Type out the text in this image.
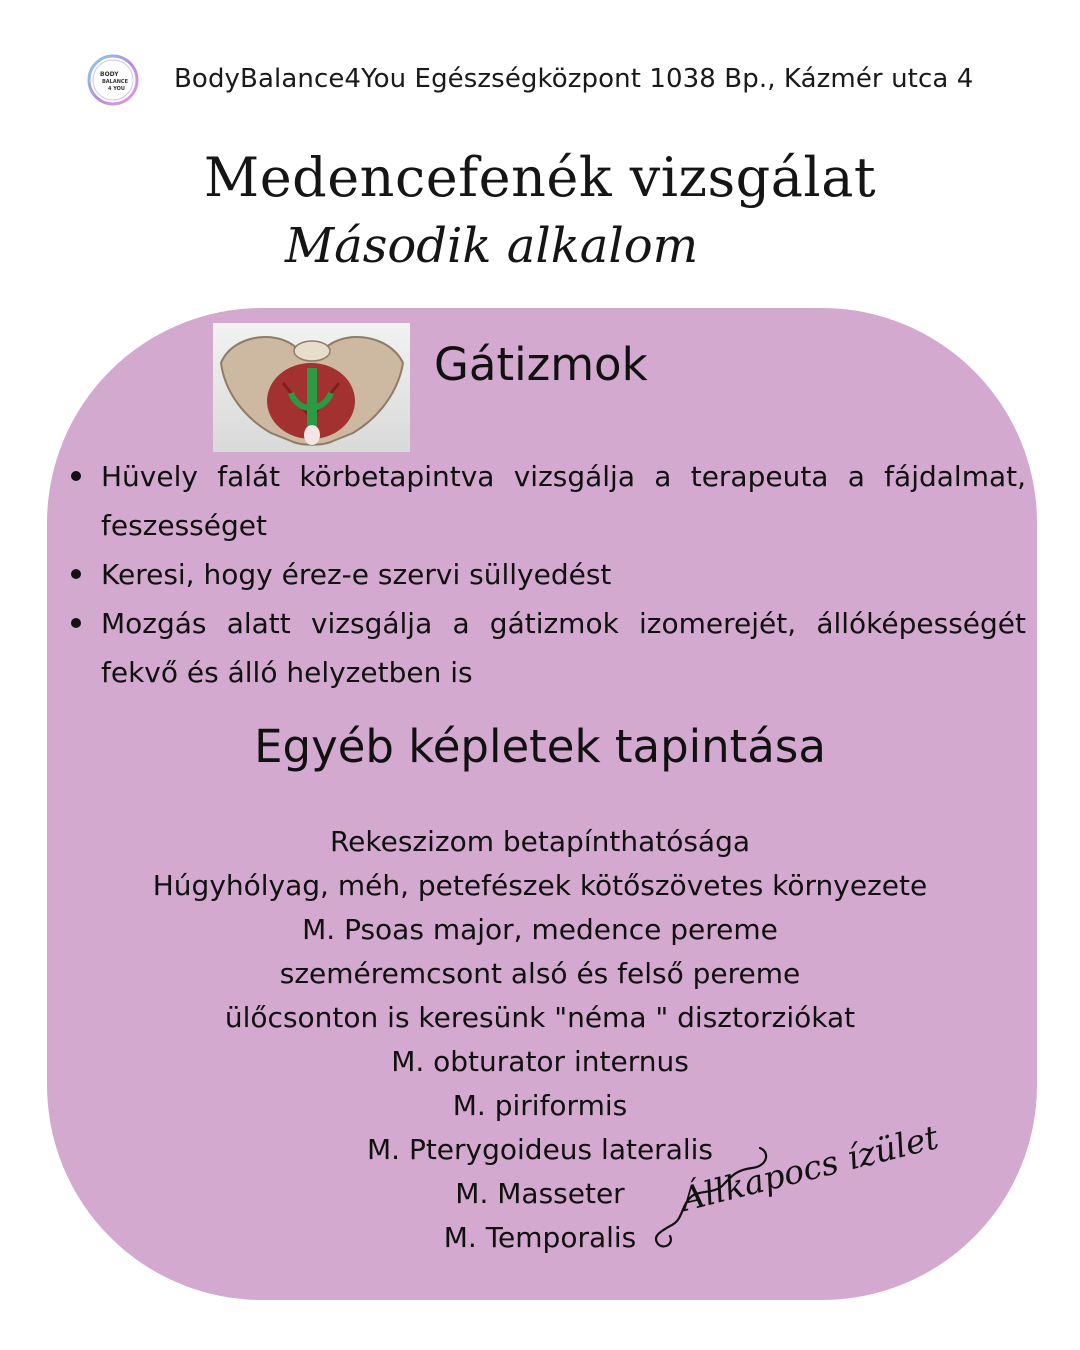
BODY
BALANCE
4 YOU BodyBalance4You Egészségközpont 1038 Bp., Kázmér utca 4
Medencefenék vizsgálat
Második alkalom
Gátizmok
Hüvely falát körbetapintva vizsgálja a terapeuta a fájdalmat, feszességet
Keresi, hogy érez-e szervi süllyedést
Mozgás alatt vizsgálja a gátizmok izomerejét, állóképességét fekvő és álló helyzetben is
Egyéb képletek tapintása
Rekeszizom betapínthatósága
Húgyhólyag, méh, petefészek kötőszövetes környezete
M. Psoas major, medence pereme
szeméremcsont alsó és felső pereme
ülőcsonton is keresünk "néma " disztorziókat
M. obturator internus
M. piriformis
M. Pterygoideus lateralis
M. Masseter
M. Temporalis
Állkapocs ízület
